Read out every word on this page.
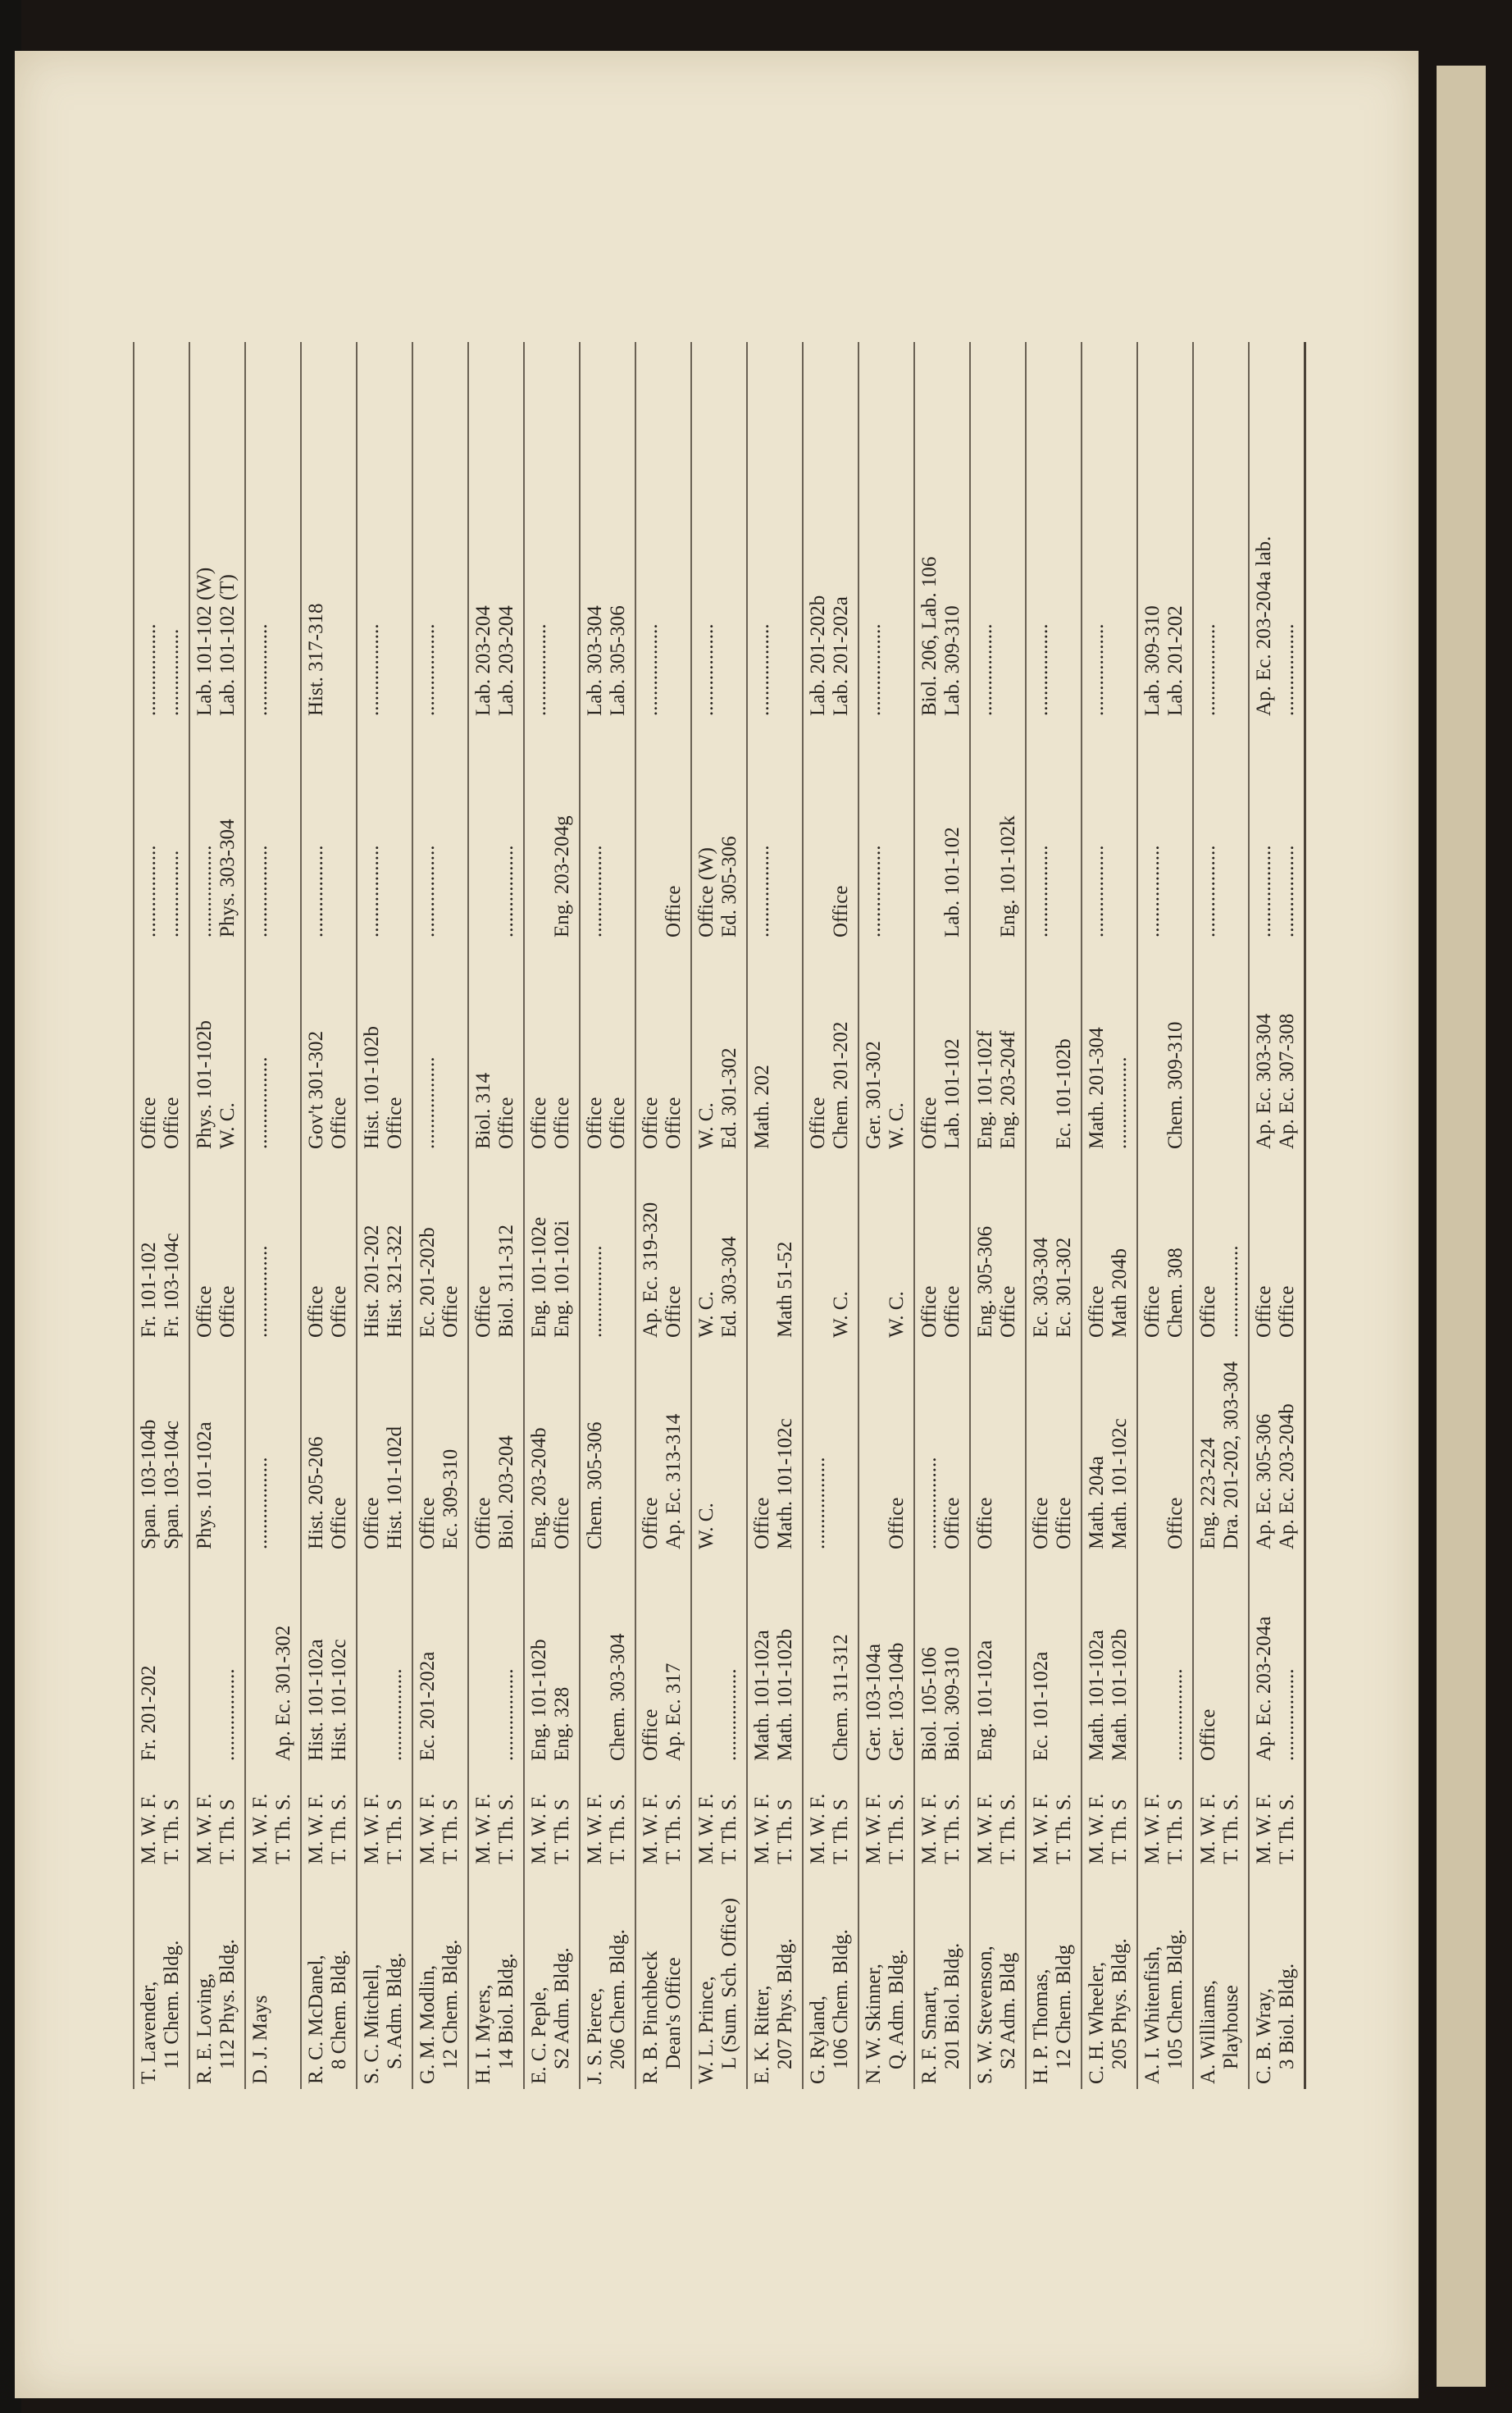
T. Lavender, 11 Chem. Bldg.	M. W. F. T. Th. S	Fr. 201-202	Span. 103-104b Span. 103-104c	Fr. 101-102 Fr. 103-104c	Office Office	.................. .................	.................. .................

R. E. Loving, 112 Phys. Bldg.	M. W. F. T. Th. S	..................	Phys. 101-102a	Office Office	Phys. 101-102b W. C.	.................. Phys. 303-304	Lab. 101-102 (W) Lab. 101-102 (T)

D. J. Mays	M. W. F. T. Th. S.	Ap. Ec. 301-302	..................	..................	..................	..................	..................

R. C. McDanel, 8 Chem. Bldg.	M. W. F. T. Th. S.	Hist. 101-102a Hist. 101-102c	Hist. 205-206 Office	Office Office	Gov't 301-302 Office	..................	Hist. 317-318

S. C. Mitchell, S. Adm. Bldg.	M. W. F. T. Th. S	..................	Office Hist. 101-102d	Hist. 201-202 Hist. 321-322	Hist. 101-102b Office	..................	..................

G. M. Modlin, 12 Chem. Bldg.	M. W. F. T. Th. S	Ec. 201-202a	Office Ec. 309-310	Ec. 201-202b Office	..................	..................	..................

H. I. Myers, 14 Biol. Bldg.	M. W. F. T. Th. S.	..................	Office Biol. 203-204	Office Biol. 311-312	Biol. 314 Office	..................	Lab. 203-204 Lab. 203-204

E. C. Peple, S2 Adm. Bldg.	M. W. F. T. Th. S	Eng. 101-102b Eng. 328	Eng. 203-204b Office	Eng. 101-102e Eng. 101-102i	Office Office	Eng. 203-204g	..................

J. S. Pierce, 206 Chem. Bldg.	M. W. F. T. Th. S.	Chem. 303-304	Chem. 305-306	..................	Office Office	..................	Lab. 303-304 Lab. 305-306

R. B. Pinchbeck Dean's Office	M. W. F. T. Th. S.	Office Ap. Ec. 317	Office Ap. Ec. 313-314	Ap. Ec. 319-320 Office	Office Office	Office	..................

W. L. Prince, L (Sum. Sch. Office)	M. W. F. T. Th. S.	..................	W. C.	W. C. Ed. 303-304	W. C. Ed. 301-302	Office (W) Ed. 305-306	..................

E. K. Ritter, 207 Phys. Bldg.	M. W. F. T. Th. S	Math. 101-102a Math. 101-102b	Office Math. 101-102c	Math 51-52	Math. 202	..................	..................

G. Ryland, 106 Chem. Bldg.	M. W. F. T. Th. S	Chem. 311-312	..................	W. C.	Office Chem. 201-202	Office	Lab. 201-202b Lab. 201-202a

N. W. Skinner, Q. Adm. Bldg.	M. W. F. T. Th. S.	Ger. 103-104a Ger. 103-104b	Office	W. C.	Ger. 301-302 W. C.	..................	..................

R. F. Smart, 201 Biol. Bldg.	M. W. F. T. Th. S.	Biol. 105-106 Biol. 309-310	.................. Office	Office Office	Office Lab. 101-102	Lab. 101-102	Biol. 206, Lab. 106 Lab. 309-310

S. W. Stevenson, S2 Adm. Bldg	M. W. F. T. Th. S.	Eng. 101-102a	Office	Eng. 305-306 Office	Eng. 101-102f Eng. 203-204f	Eng. 101-102k	..................

H. P. Thomas, 12 Chem. Bldg	M. W. F. T. Th. S.	Ec. 101-102a	Office Office	Ec. 303-304 Ec. 301-302	Ec. 101-102b	..................	..................

C. H. Wheeler, 205 Phys. Bldg.	M. W. F. T. Th. S	Math. 101-102a Math. 101-102b	Math. 204a Math. 101-102c	Office Math 204b	Math. 201-304 ..................	..................	..................

A. I. Whitenfish, 105 Chem. Bldg.	M. W. F. T. Th. S	..................	Office	Office Chem. 308	Chem. 309-310	..................	Lab. 309-310 Lab. 201-202

A. Williams, Playhouse	M. W. F. T. Th. S.	Office	Eng. 223-224 Dra. 201-202, 303-304	Office ..................		..................	..................

C. B. Wray, 3 Biol. Bldg.	M. W. F. T. Th. S.	Ap. Ec. 203-204a ..................	Ap. Ec. 305-306 Ap. Ec. 203-204b	Office Office	Ap. Ec. 303-304 Ap. Ec. 307-308	.................. ..................	Ap. Ec. 203-204a lab. ..................
